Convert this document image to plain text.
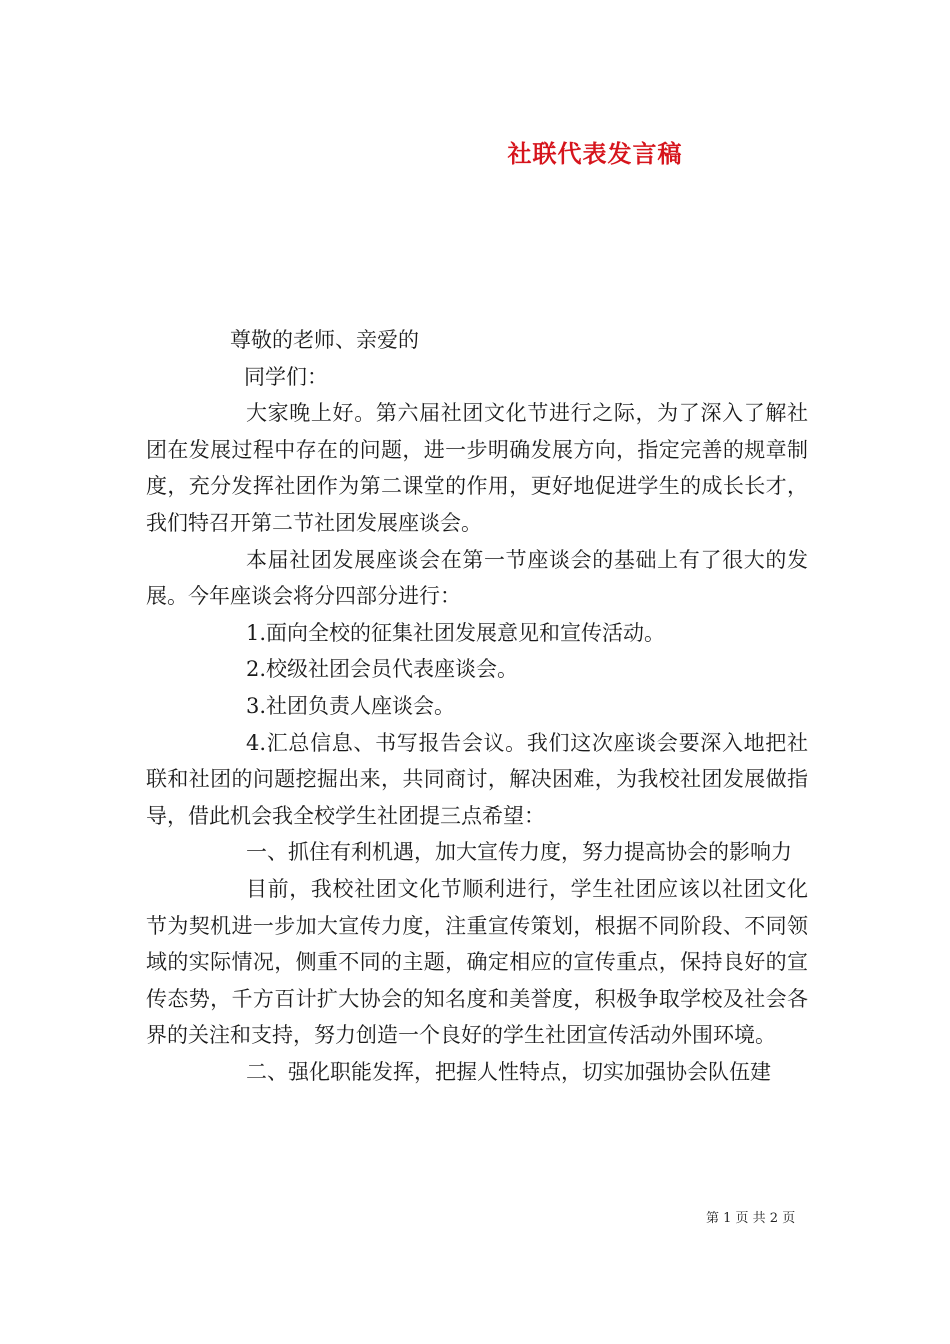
社联代表发言稿

尊敬的老师、亲爱的

同学们：

大家晚上好。第六届社团文化节进行之际，为了深入了解社团在发展过程中存在的问题，进一步明确发展方向，指定完善的规章制度，充分发挥社团作为第二课堂的作用，更好地促进学生的成长长才，我们特召开第二节社团发展座谈会。

本届社团发展座谈会在第一节座谈会的基础上有了很大的发展。今年座谈会将分四部分进行：

1.面向全校的征集社团发展意见和宣传活动。

2.校级社团会员代表座谈会。

3.社团负责人座谈会。

4.汇总信息、书写报告会议。我们这次座谈会要深入地把社联和社团的问题挖掘出来，共同商讨，解决困难，为我校社团发展做指导，借此机会我全校学生社团提三点希望：

一、抓住有利机遇，加大宣传力度，努力提高协会的影响力

目前，我校社团文化节顺利进行，学生社团应该以社团文化节为契机进一步加大宣传力度，注重宣传策划，根据不同阶段、不同领域的实际情况，侧重不同的主题，确定相应的宣传重点，保持良好的宣传态势，千方百计扩大协会的知名度和美誉度，积极争取学校及社会各界的关注和支持，努力创造一个良好的学生社团宣传活动外围环境。

二、强化职能发挥，把握人性特点，切实加强协会队伍建

第 1 页 共 2 页
